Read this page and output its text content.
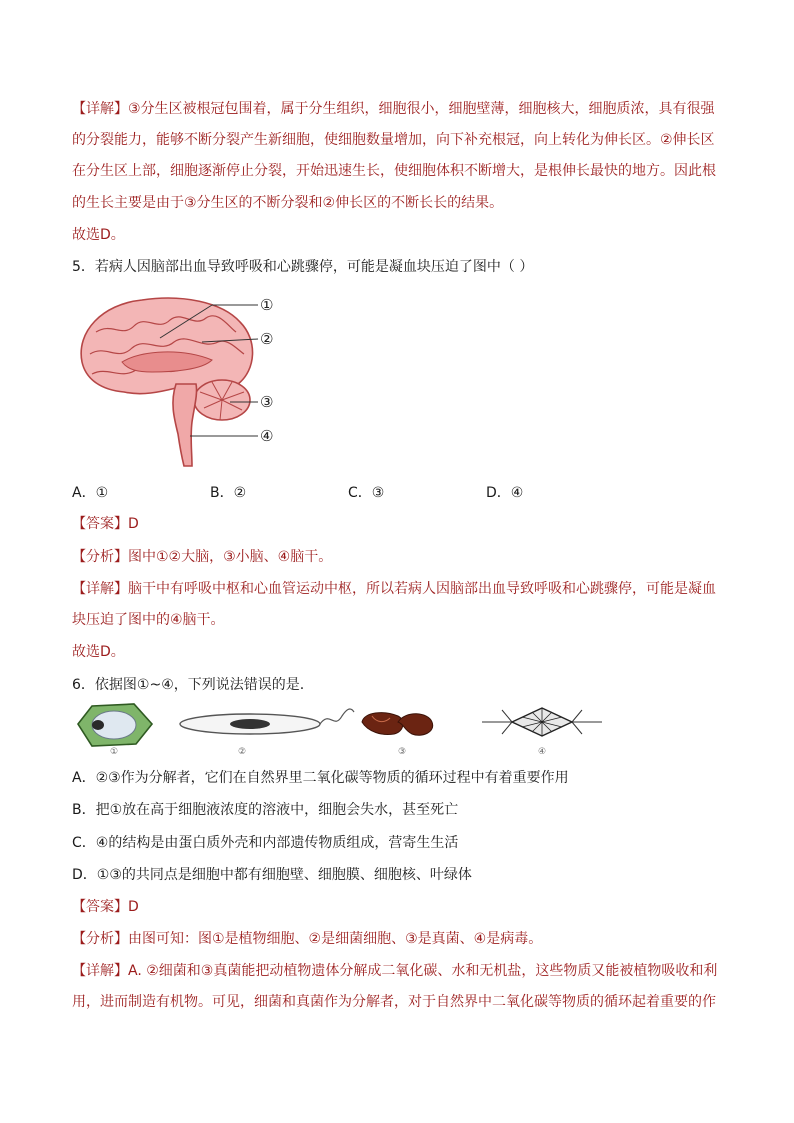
【详解】③分生区被根冠包围着，属于分生组织，细胞很小，细胞壁薄，细胞核大，细胞质浓，具有很强
的分裂能力，能够不断分裂产生新细胞，使细胞数量增加，向下补充根冠，向上转化为伸长区。②伸长区
在分生区上部，细胞逐渐停止分裂，开始迅速生长，使细胞体积不断增大，是根伸长最快的地方。因此根
的生长主要是由于③分生区的不断分裂和②伸长区的不断长长的结果。
故选D。
5．若病人因脑部出血导致呼吸和心跳骤停，可能是凝血块压迫了图中（ ）
①
②
③
④
A．①	B．②	C．③	D．④
【答案】D
【分析】图中①②大脑，③小脑、④脑干。
【详解】脑干中有呼吸中枢和心血管运动中枢，所以若病人因脑部出血导致呼吸和心跳骤停，可能是凝血
块压迫了图中的④脑干。
故选D。
6．依据图①~④，下列说法错误的是.
①	②	③	④
A．②③作为分解者，它们在自然界里二氧化碳等物质的循环过程中有着重要作用
B．把①放在高于细胞液浓度的溶液中，细胞会失水，甚至死亡
C．④的结构是由蛋白质外壳和内部遗传物质组成，营寄生生活
D．①③的共同点是细胞中都有细胞壁、细胞膜、细胞核、叶绿体
【答案】D
【分析】由图可知：图①是植物细胞、②是细菌细胞、③是真菌、④是病毒。
【详解】A. ②细菌和③真菌能把动植物遗体分解成二氧化碳、水和无机盐，这些物质又能被植物吸收和利
用，进而制造有机物。可见，细菌和真菌作为分解者，对于自然界中二氧化碳等物质的循环起着重要的作
